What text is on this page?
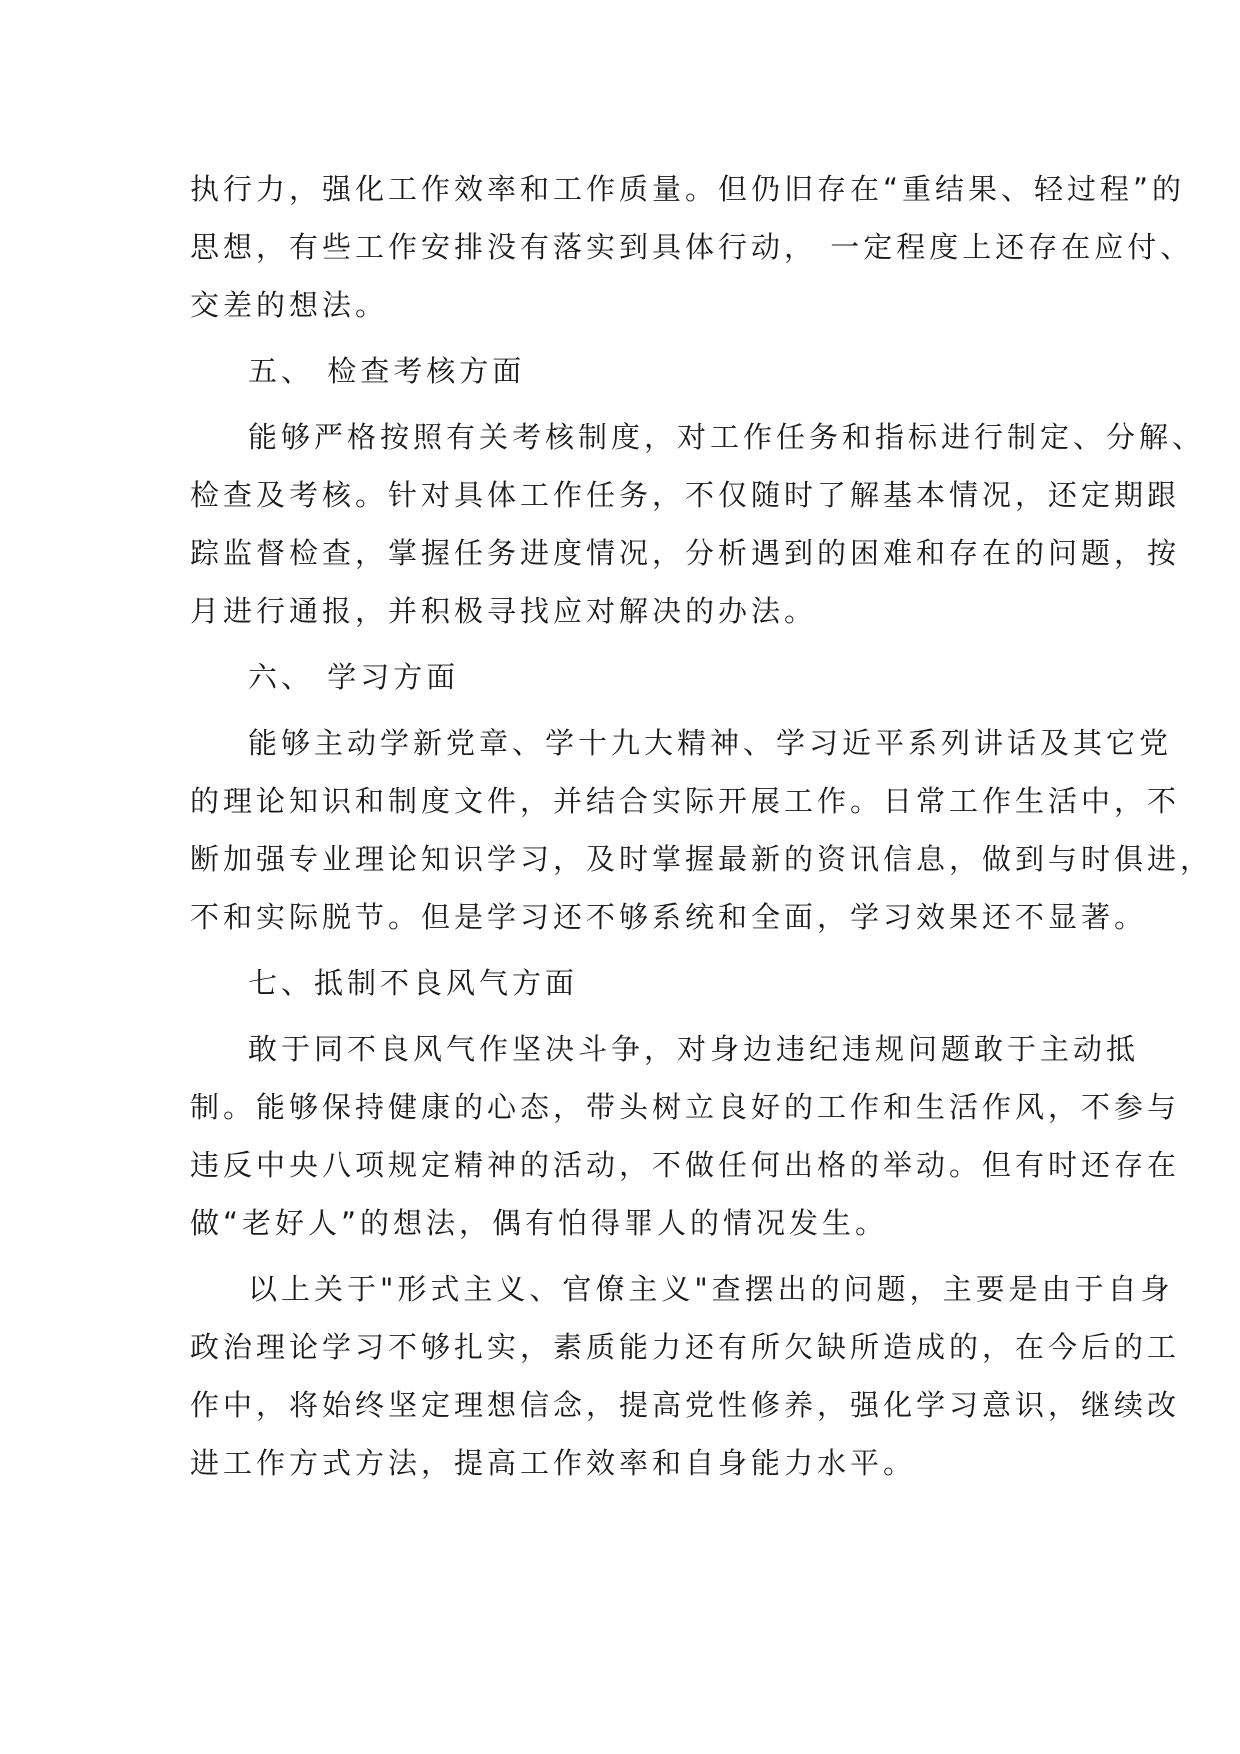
执行力，强化工作效率和工作质量。但仍旧存在“重结果、轻过程”的
思想，有些工作安排没有落实到具体行动， 一定程度上还存在应付、
交差的想法。
五、 检查考核方面
能够严格按照有关考核制度，对工作任务和指标进行制定、分解、
检查及考核。针对具体工作任务，不仅随时了解基本情况，还定期跟
踪监督检查，掌握任务进度情况，分析遇到的困难和存在的问题，按
月进行通报，并积极寻找应对解决的办法。
六、 学习方面
能够主动学新党章、学十九大精神、学习近平系列讲话及其它党
的理论知识和制度文件，并结合实际开展工作。日常工作生活中，不
断加强专业理论知识学习，及时掌握最新的资讯信息，做到与时俱进，
不和实际脱节。但是学习还不够系统和全面，学习效果还不显著。
七、抵制不良风气方面
敢于同不良风气作坚决斗争，对身边违纪违规问题敢于主动抵
制。能够保持健康的心态，带头树立良好的工作和生活作风，不参与
违反中央八项规定精神的活动，不做任何出格的举动。但有时还存在
做“老好人”的想法，偶有怕得罪人的情况发生。
以上关于"形式主义、官僚主义"查摆出的问题，主要是由于自身
政治理论学习不够扎实，素质能力还有所欠缺所造成的，在今后的工
作中，将始终坚定理想信念，提高党性修养，强化学习意识，继续改
进工作方式方法，提高工作效率和自身能力水平。
